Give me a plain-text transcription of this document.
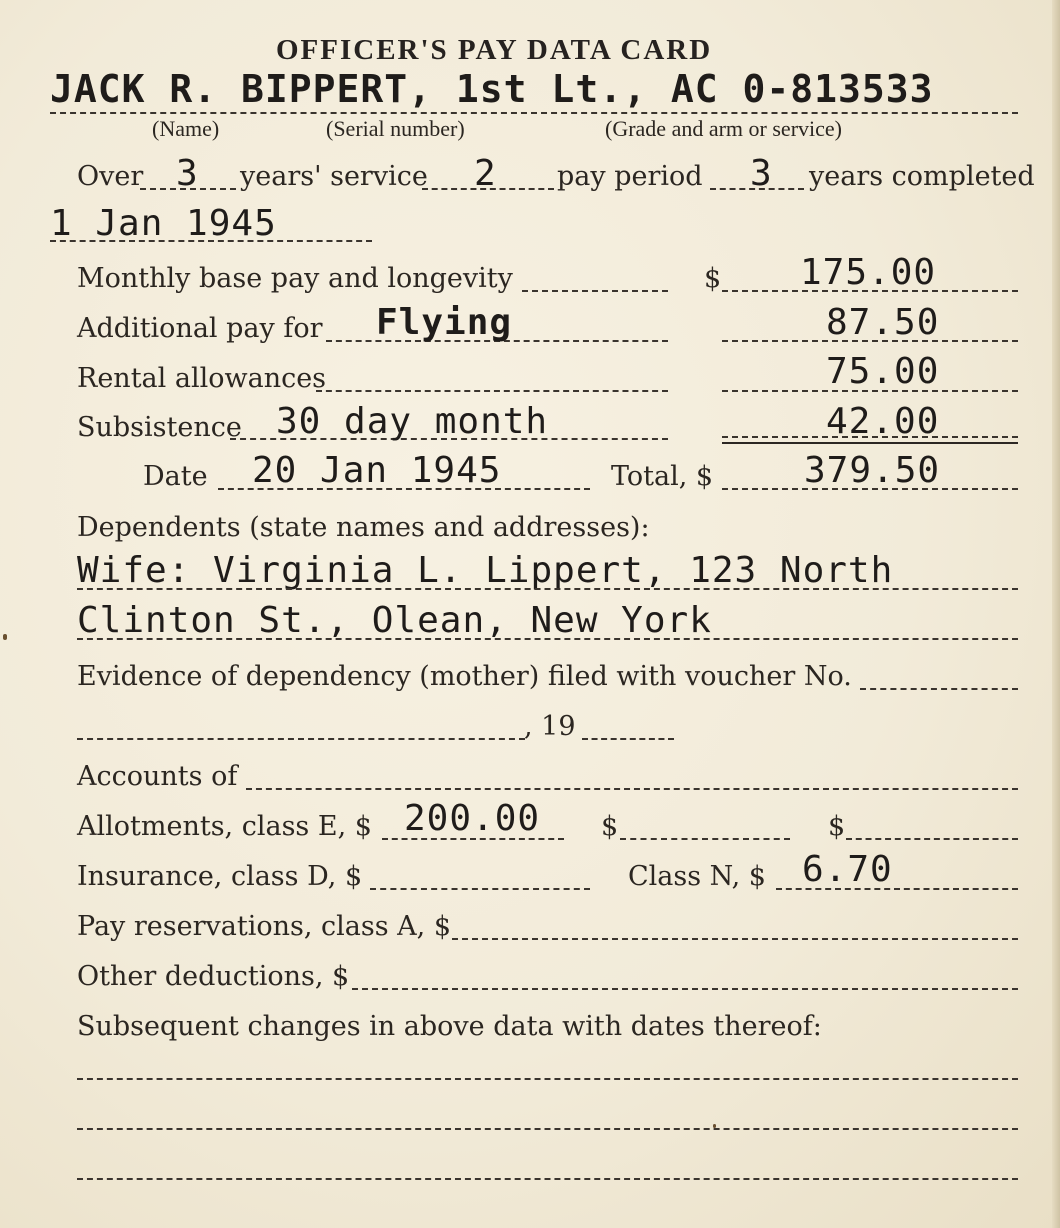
OFFICER'S PAY DATA CARD
JACK R. BIPPERT, 1st Lt., AC 0-813533
(Name)	(Serial number)	(Grade and arm or service)
Over 3 years' service 2 pay period 3 years completed
1 Jan 1945
Monthly base pay and longevity	$ 175.00
Additional pay for Flying	87.50
Rental allowances	75.00
Subsistence 30 day month	42.00
Date 20 Jan 1945	Total, $	379.50
Dependents (state names and addresses):
Wife: Virginia L. Lippert, 123 North
Clinton St., Olean, New York
Evidence of dependency (mother) filed with voucher No.
, 19
Accounts of
Allotments, class E, $ 200.00 $	$
Insurance, class D, $	Class N, $ 6.70
Pay reservations, class A, $
Other deductions, $
Subsequent changes in above data with dates thereof:
